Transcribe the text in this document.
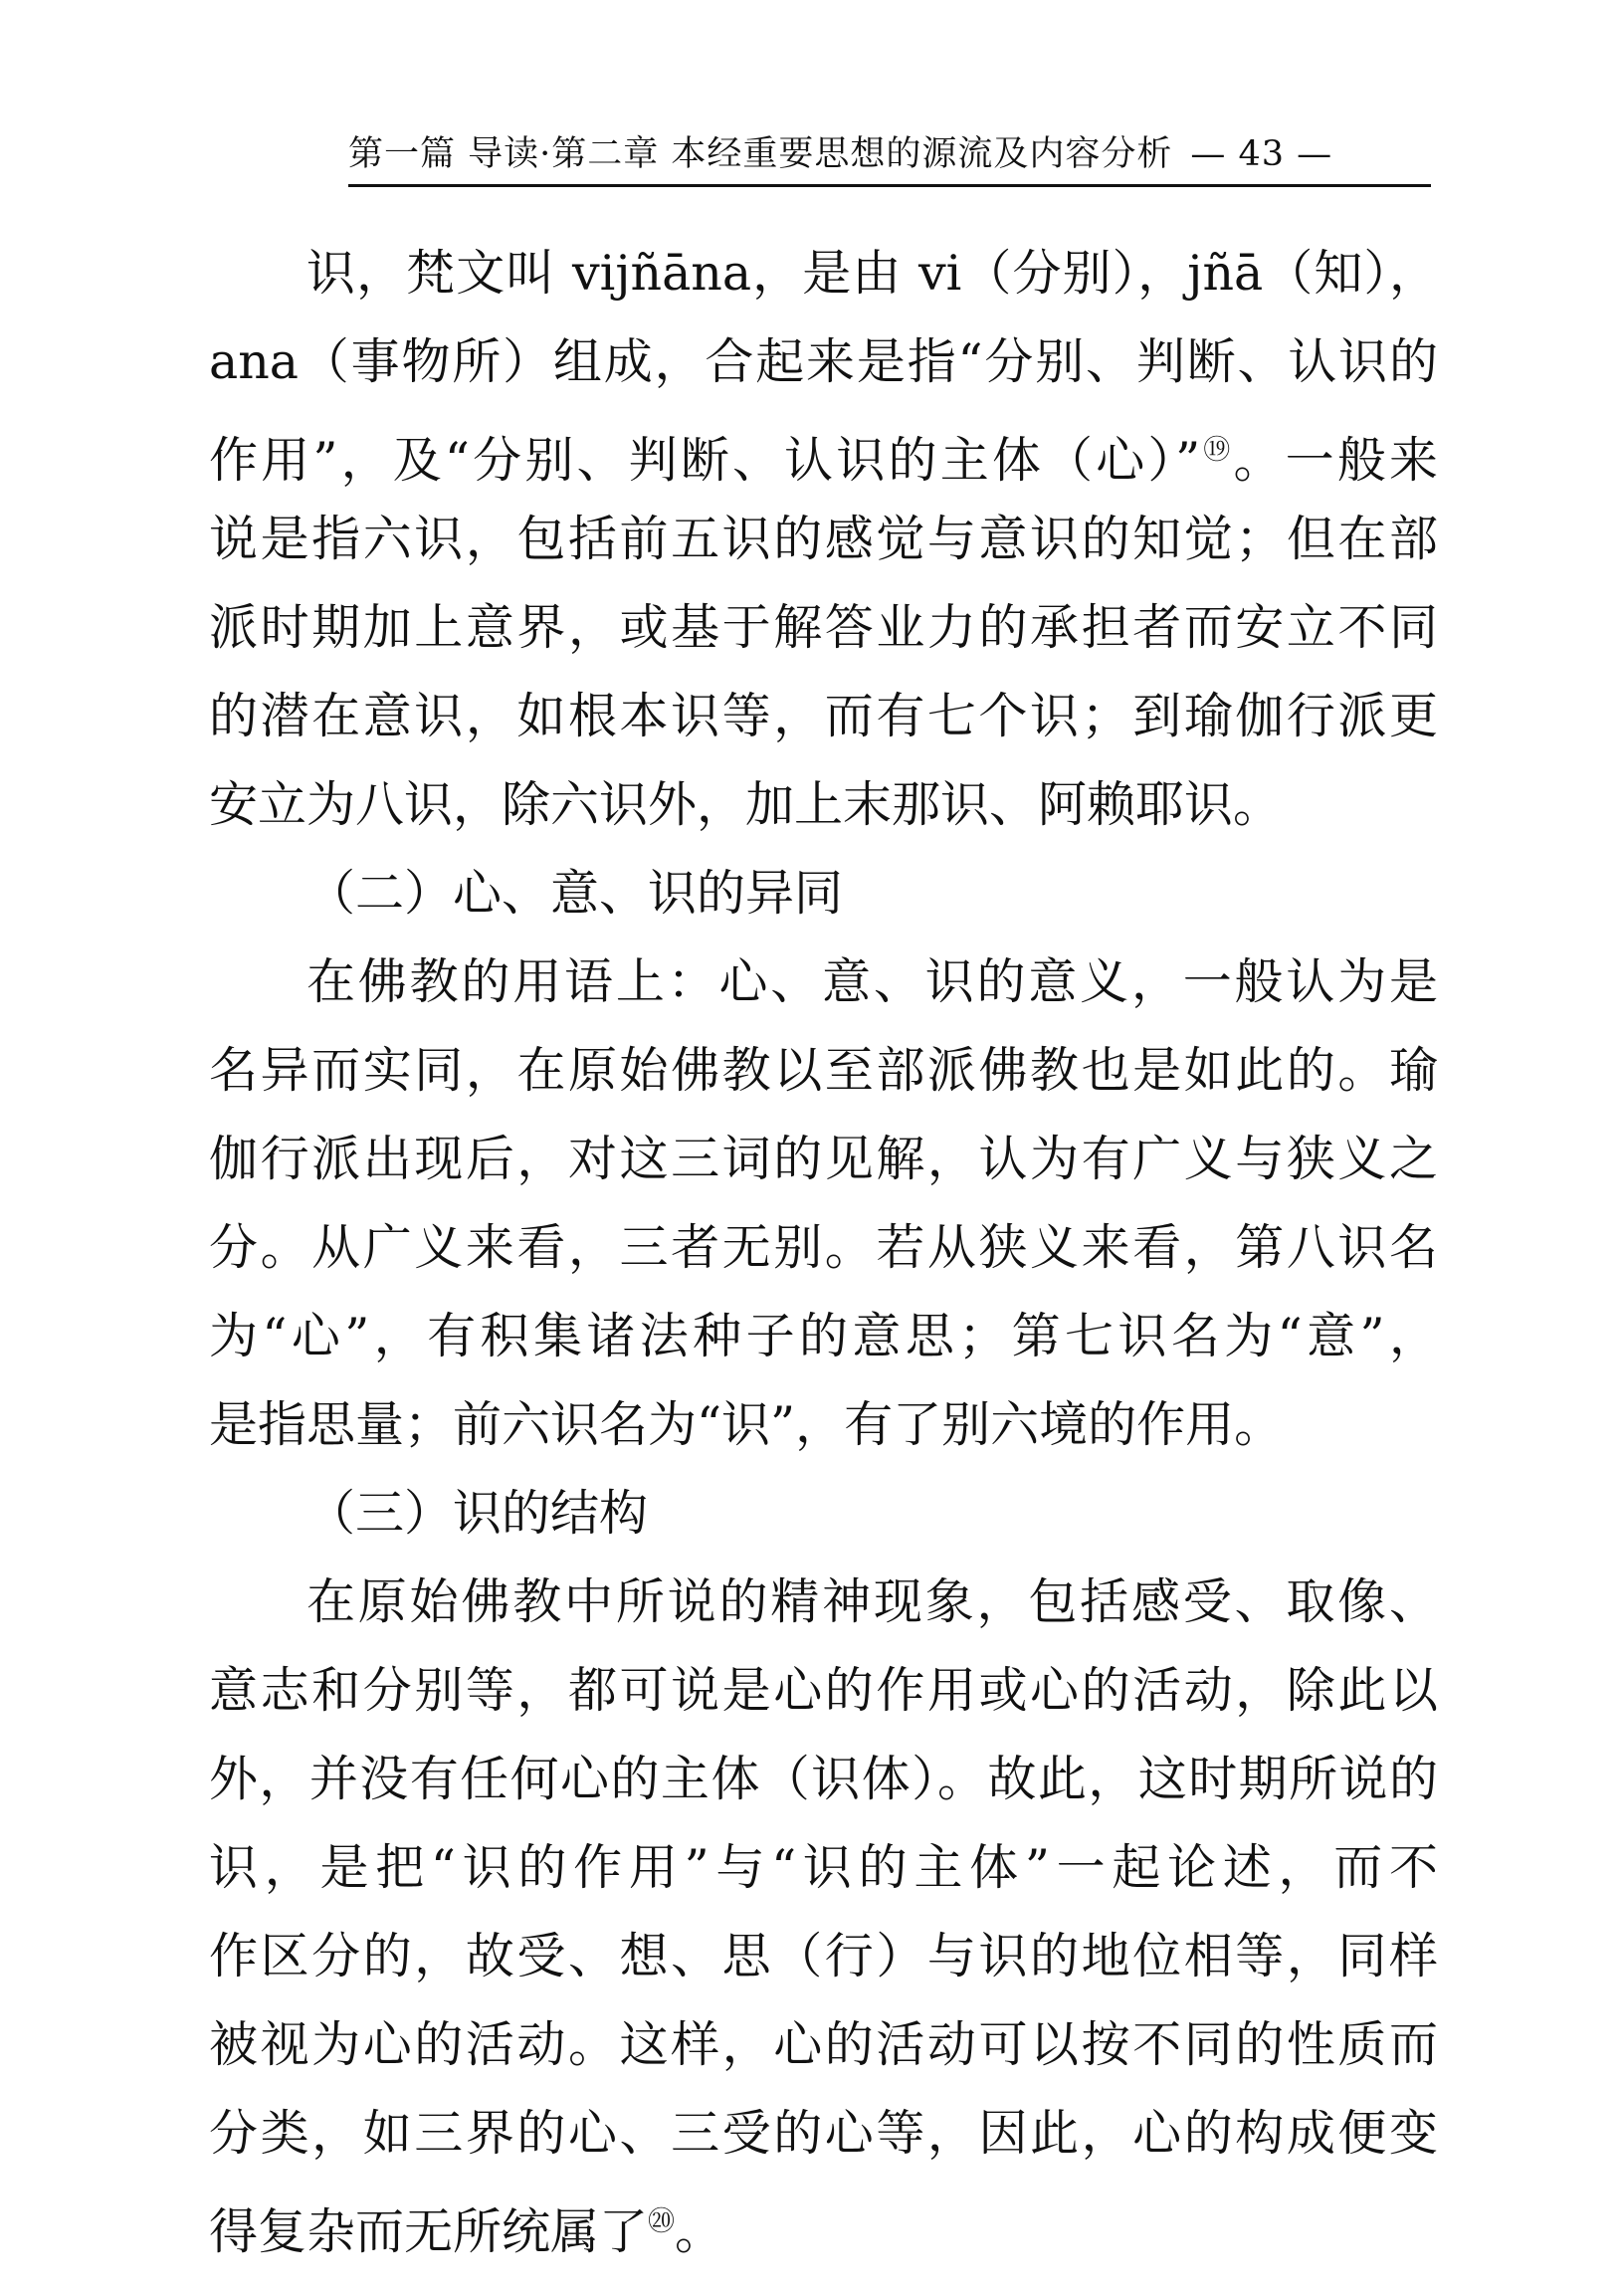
第一篇 导读·第二章 本经重要思想的源流及内容分析 — 43 —
识，梵文叫 vijñāna，是由 vi（分别），jñā（知），
ana（事物所）组成，合起来是指“分别、判断、认识的
作用”，及“分别、判断、认识的主体（心）”⑲。一般来
说是指六识，包括前五识的感觉与意识的知觉；但在部
派时期加上意界，或基于解答业力的承担者而安立不同
的潜在意识，如根本识等，而有七个识；到瑜伽行派更
安立为八识，除六识外，加上末那识、阿赖耶识。
（二）心、意、识的异同
在佛教的用语上：心、意、识的意义，一般认为是
名异而实同，在原始佛教以至部派佛教也是如此的。瑜
伽行派出现后，对这三词的见解，认为有广义与狭义之
分。从广义来看，三者无别。若从狭义来看，第八识名
为“心”，有积集诸法种子的意思；第七识名为“意”，
是指思量；前六识名为“识”，有了别六境的作用。
（三）识的结构
在原始佛教中所说的精神现象，包括感受、取像、
意志和分别等，都可说是心的作用或心的活动，除此以
外，并没有任何心的主体（识体）。故此，这时期所说的
识，是把“识的作用”与“识的主体”一起论述，而不
作区分的，故受、想、思（行）与识的地位相等，同样
被视为心的活动。这样，心的活动可以按不同的性质而
分类，如三界的心、三受的心等，因此，心的构成便变
得复杂而无所统属了⑳。
